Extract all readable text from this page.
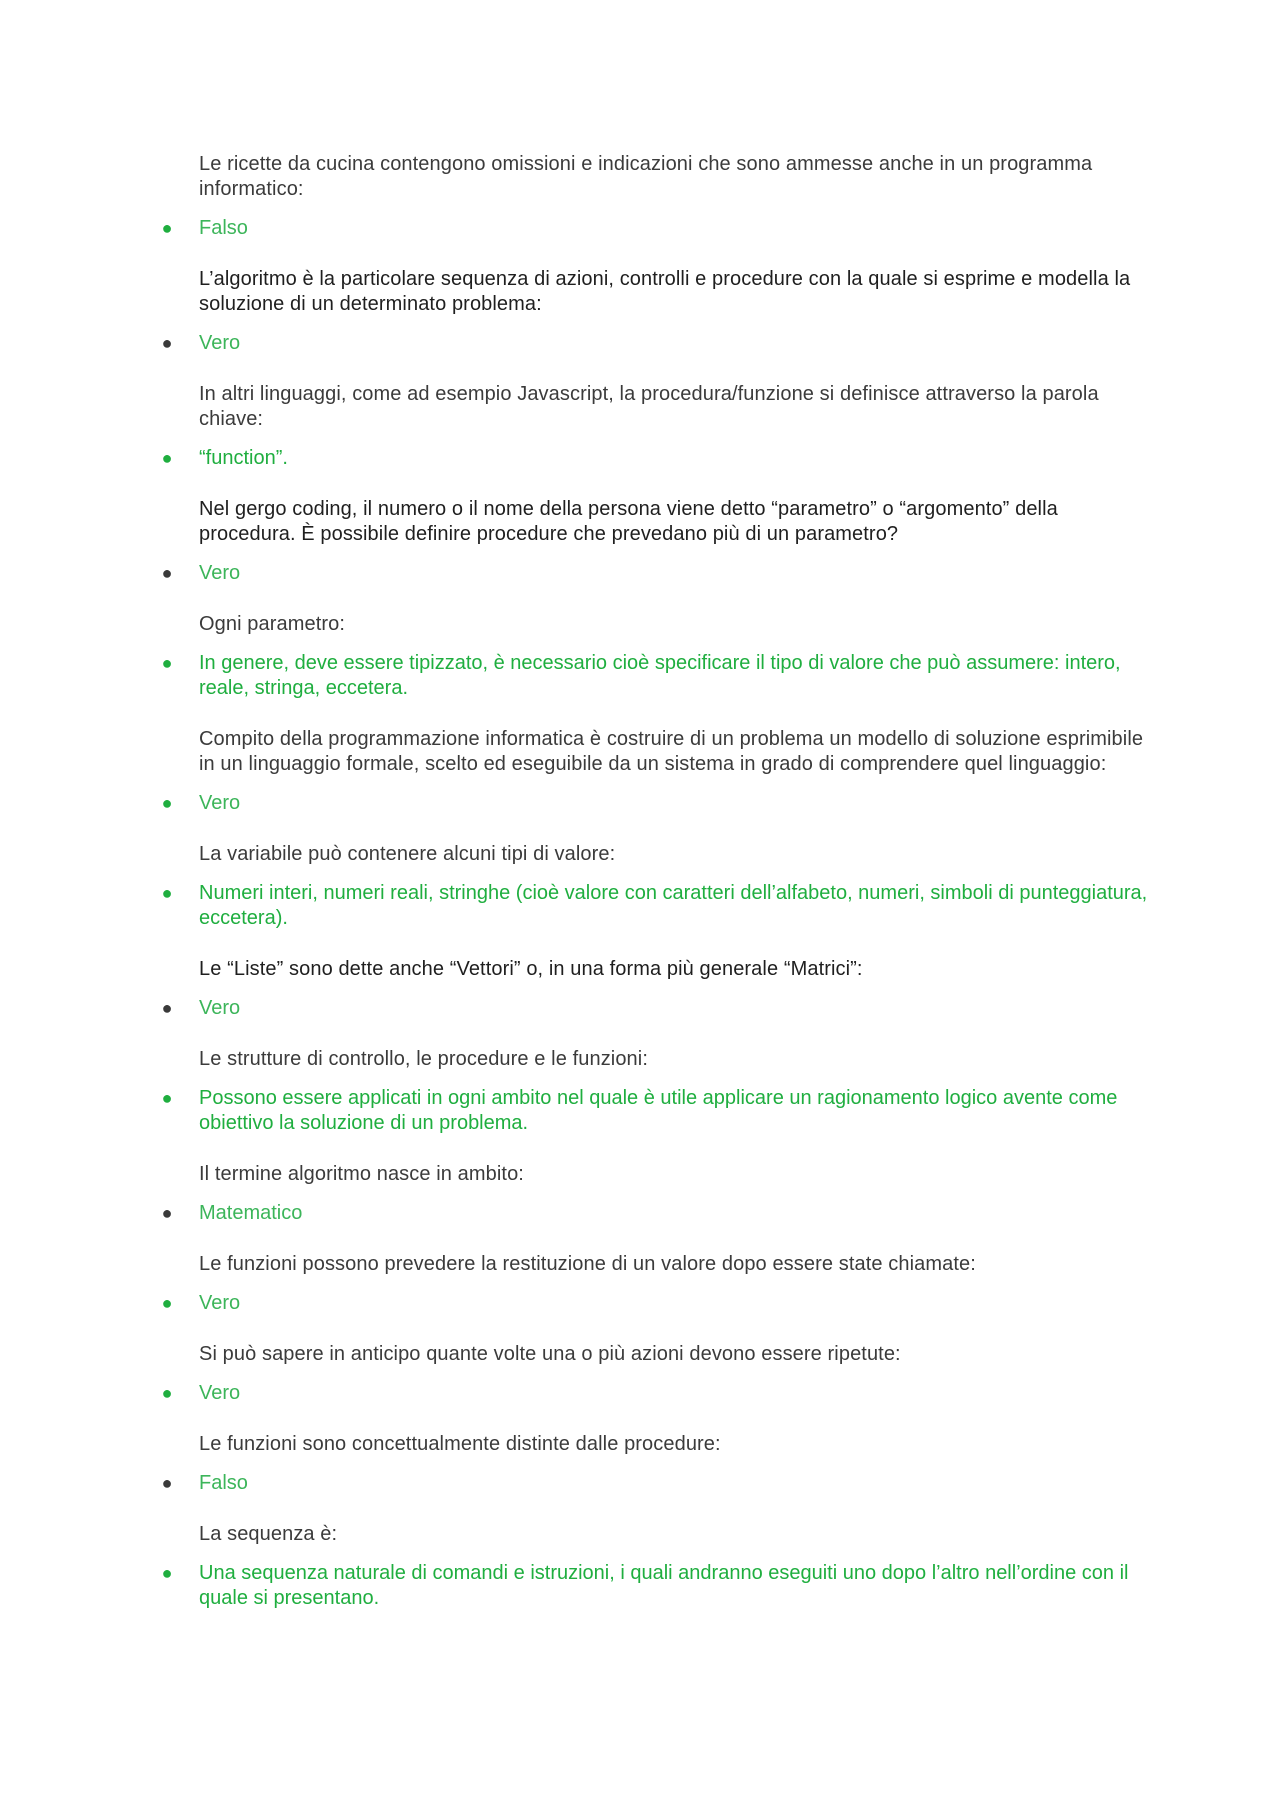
Le ricette da cucina contengono omissioni e indicazioni che sono ammesse anche in un programma informatico:

● Falso

L’algoritmo è la particolare sequenza di azioni, controlli e procedure con la quale si esprime e modella la soluzione di un determinato problema:

● Vero

In altri linguaggi, come ad esempio Javascript, la procedura/funzione si definisce attraverso la parola chiave:

● “function”.

Nel gergo coding, il numero o il nome della persona viene detto “parametro” o “argomento” della procedura. È possibile definire procedure che prevedano più di un parametro?

● Vero

Ogni parametro:

● In genere, deve essere tipizzato, è necessario cioè specificare il tipo di valore che può assumere: intero, reale, stringa, eccetera.

Compito della programmazione informatica è costruire di un problema un modello di soluzione esprimibile in un linguaggio formale, scelto ed eseguibile da un sistema in grado di comprendere quel linguaggio:

● Vero

La variabile può contenere alcuni tipi di valore:

● Numeri interi, numeri reali, stringhe (cioè valore con caratteri dell’alfabeto, numeri, simboli di punteggiatura, eccetera).

Le “Liste” sono dette anche “Vettori” o, in una forma più generale “Matrici”:

● Vero

Le strutture di controllo, le procedure e le funzioni:

● Possono essere applicati in ogni ambito nel quale è utile applicare un ragionamento logico avente come obiettivo la soluzione di un problema.

Il termine algoritmo nasce in ambito:

● Matematico

Le funzioni possono prevedere la restituzione di un valore dopo essere state chiamate:

● Vero

Si può sapere in anticipo quante volte una o più azioni devono essere ripetute:

● Vero

Le funzioni sono concettualmente distinte dalle procedure:

● Falso

La sequenza è:

● Una sequenza naturale di comandi e istruzioni, i quali andranno eseguiti uno dopo l’altro nell’ordine con il quale si presentano.
